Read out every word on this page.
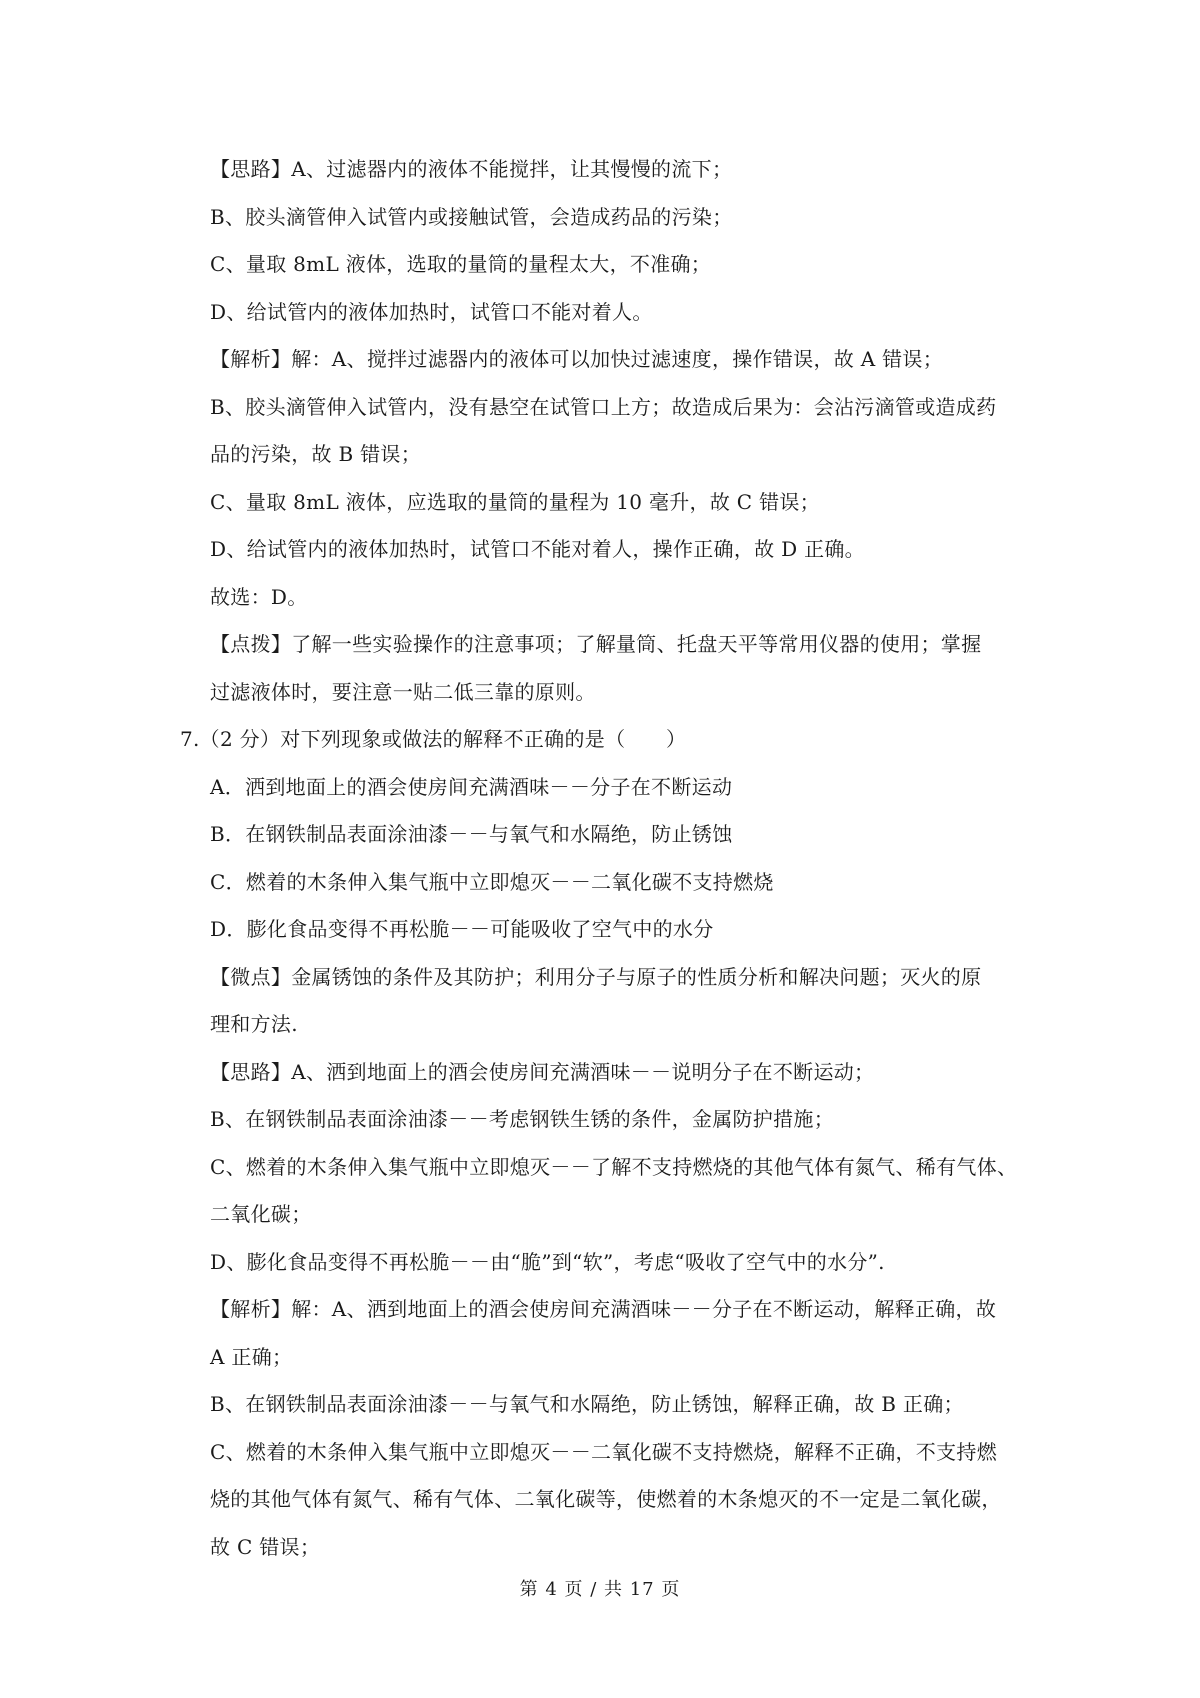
【思路】A、过滤器内的液体不能搅拌，让其慢慢的流下；
B、胶头滴管伸入试管内或接触试管，会造成药品的污染；
C、量取 8mL 液体，选取的量筒的量程太大，不准确；
D、给试管内的液体加热时，试管口不能对着人。
【解析】解：A、搅拌过滤器内的液体可以加快过滤速度，操作错误，故 A 错误；
B、胶头滴管伸入试管内，没有悬空在试管口上方；故造成后果为：会沾污滴管或造成药
品的污染，故 B 错误；
C、量取 8mL 液体，应选取的量筒的量程为 10 毫升，故 C 错误；
D、给试管内的液体加热时，试管口不能对着人，操作正确，故 D 正确。
故选：D。
【点拨】了解一些实验操作的注意事项；了解量筒、托盘天平等常用仪器的使用；掌握
过滤液体时，要注意一贴二低三靠的原则。
7.（2 分）对下列现象或做法的解释不正确的是（　　）
A．洒到地面上的酒会使房间充满酒味－－分子在不断运动
B．在钢铁制品表面涂油漆－－与氧气和水隔绝，防止锈蚀
C．燃着的木条伸入集气瓶中立即熄灭－－二氧化碳不支持燃烧
D．膨化食品变得不再松脆－－可能吸收了空气中的水分
【微点】金属锈蚀的条件及其防护；利用分子与原子的性质分析和解决问题；灭火的原
理和方法.
【思路】A、洒到地面上的酒会使房间充满酒味－－说明分子在不断运动；
B、在钢铁制品表面涂油漆－－考虑钢铁生锈的条件，金属防护措施；
C、燃着的木条伸入集气瓶中立即熄灭－－了解不支持燃烧的其他气体有氮气、稀有气体、
二氧化碳；
D、膨化食品变得不再松脆－－由“脆”到“软”，考虑“吸收了空气中的水分”.
【解析】解：A、洒到地面上的酒会使房间充满酒味－－分子在不断运动，解释正确，故
A 正确；
B、在钢铁制品表面涂油漆－－与氧气和水隔绝，防止锈蚀，解释正确，故 B 正确；
C、燃着的木条伸入集气瓶中立即熄灭－－二氧化碳不支持燃烧，解释不正确，不支持燃
烧的其他气体有氮气、稀有气体、二氧化碳等，使燃着的木条熄灭的不一定是二氧化碳，
故 C 错误；
第 4 页 / 共 17 页
